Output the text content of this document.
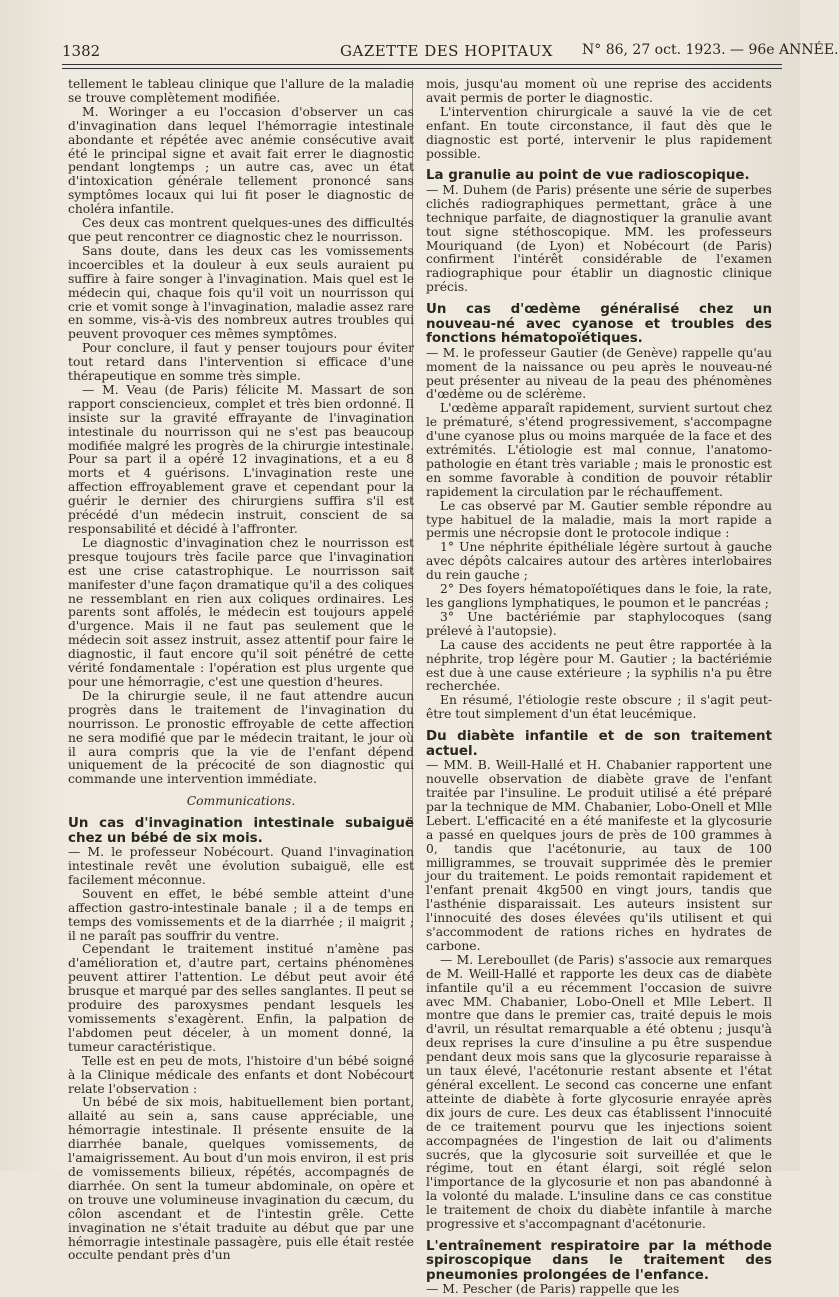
1382	GAZETTE DES HOPITAUX N° 86, 27 oct. 1923. — 96e ANNÉE.

tellement le tableau clinique que l'allure de la maladie se trouve complètement modifiée.

M. Woringer a eu l'occasion d'observer un cas d'invagination dans lequel l'hémorragie intestinale abondante et répétée avec anémie consécutive avait été le principal signe et avait fait errer le diagnostic pendant longtemps ; un autre cas, avec un état d'intoxication générale tellement prononcé sans symptômes locaux qui lui fit poser le diagnostic de choléra infantile.

Ces deux cas montrent quelques-unes des difficultés que peut rencontrer ce diagnostic chez le nourrisson.

Sans doute, dans les deux cas les vomissements incoercibles et la douleur à eux seuls auraient pu suffire à faire songer à l'invagination. Mais quel est le médecin qui, chaque fois qu'il voit un nourrisson qui crie et vomit songe à l'invagination, maladie assez rare en somme, vis-à-vis des nombreux autres troubles qui peuvent provoquer ces mêmes symptômes.

Pour conclure, il faut y penser toujours pour éviter tout retard dans l'intervention si efficace d'une thérapeutique en somme très simple.

— M. Veau (de Paris) félicite M. Massart de son rapport consciencieux, complet et très bien ordonné. Il insiste sur la gravité effrayante de l'invagination intestinale du nourrisson qui ne s'est pas beaucoup modifiée malgré les progrès de la chirurgie intestinale. Pour sa part il a opéré 12 invaginations, et a eu 8 morts et 4 guérisons. L'invagination reste une affection effroyablement grave et cependant pour la guérir le dernier des chirurgiens suffira s'il est précédé d'un médecin instruit, conscient de sa responsabilité et décidé à l'affronter.

Le diagnostic d'invagination chez le nourrisson est presque toujours très facile parce que l'invagination est une crise catastrophique. Le nourrisson sait manifester d'une façon dramatique qu'il a des coliques ne ressemblant en rien aux coliques ordinaires. Les parents sont affolés, le médecin est toujours appelé d'urgence. Mais il ne faut pas seulement que le médecin soit assez instruit, assez attentif pour faire le diagnostic, il faut encore qu'il soit pénétré de cette vérité fondamentale : l'opération est plus urgente que pour une hémorragie, c'est une question d'heures.

De la chirurgie seule, il ne faut attendre aucun progrès dans le traitement de l'invagination du nourrisson. Le pronostic effroyable de cette affection ne sera modifié que par le médecin traitant, le jour où il aura compris que la vie de l'enfant dépend uniquement de la précocité de son diagnostic qui commande une intervention immédiate.

Communications.

Un cas d'invagination intestinale subaiguë chez un bébé de six mois.

— M. le professeur Nobécourt. Quand l'invagination intestinale revêt une évolution subaiguë, elle est facilement méconnue.

Souvent en effet, le bébé semble atteint d'une affection gastro-intestinale banale ; il a de temps en temps des vomissements et de la diarrhée ; il maigrit ; il ne paraît pas souffrir du ventre.

Cependant le traitement institué n'amène pas d'amélioration et, d'autre part, certains phénomènes peuvent attirer l'attention. Le début peut avoir été brusque et marqué par des selles sanglantes. Il peut se produire des paroxysmes pendant lesquels les vomissements s'exagèrent. Enfin, la palpation de l'abdomen peut déceler, à un moment donné, la tumeur caractéristique.

Telle est en peu de mots, l'histoire d'un bébé soigné à la Clinique médicale des enfants et dont Nobécourt relate l'observation :

Un bébé de six mois, habituellement bien portant, allaité au sein a, sans cause appréciable, une hémorragie intestinale. Il présente ensuite de la diarrhée banale, quelques vomissements, de l'amaigrissement. Au bout d'un mois environ, il est pris de vomissements bilieux, répétés, accompagnés de diarrhée. On sent la tumeur abdominale, on opère et on trouve une volumineuse invagination du cæcum, du côlon ascendant et de l'intestin grêle. Cette invagination ne s'était traduite au début que par une hémorragie intestinale passagère, puis elle était restée occulte pendant près d'un

mois, jusqu'au moment où une reprise des accidents avait permis de porter le diagnostic.

L'intervention chirurgicale a sauvé la vie de cet enfant. En toute circonstance, il faut dès que le diagnostic est porté, intervenir le plus rapidement possible.

La granulie au point de vue radioscopique.

— M. Duhem (de Paris) présente une série de superbes clichés radiographiques permettant, grâce à une technique parfaite, de diagnostiquer la granulie avant tout signe stéthoscopique. MM. les professeurs Mouriquand (de Lyon) et Nobécourt (de Paris) confirment l'intérêt considérable de l'examen radiographique pour établir un diagnostic clinique précis.

Un cas d'œdème généralisé chez un nouveau-né avec cyanose et troubles des fonctions hématopoïétiques.

— M. le professeur Gautier (de Genève) rappelle qu'au moment de la naissance ou peu après le nouveau-né peut présenter au niveau de la peau des phénomènes d'œdème ou de sclérème.

L'œdème apparaît rapidement, survient surtout chez le prématuré, s'étend progressivement, s'accompagne d'une cyanose plus ou moins marquée de la face et des extrémités. L'étiologie est mal connue, l'anatomo-pathologie en étant très variable ; mais le pronostic est en somme favorable à condition de pouvoir rétablir rapidement la circulation par le réchauffement.

Le cas observé par M. Gautier semble répondre au type habituel de la maladie, mais la mort rapide a permis une nécropsie dont le protocole indique :

1° Une néphrite épithéliale légère surtout à gauche avec dépôts calcaires autour des artères interlobaires du rein gauche ;

2° Des foyers hématopoïétiques dans le foie, la rate, les ganglions lymphatiques, le poumon et le pancréas ;

3° Une bactériémie par staphylocoques (sang prélevé à l'autopsie).

La cause des accidents ne peut être rapportée à la néphrite, trop légère pour M. Gautier ; la bactériémie est due à une cause extérieure ; la syphilis n'a pu être recherchée.

En résumé, l'étiologie reste obscure ; il s'agit peut-être tout simplement d'un état leucémique.

Du diabète infantile et de son traitement actuel.

— MM. B. Weill-Hallé et H. Chabanier rapportent une nouvelle observation de diabète grave de l'enfant traitée par l'insuline. Le produit utilisé a été préparé par la technique de MM. Chabanier, Lobo-Onell et Mlle Lebert. L'efficacité en a été manifeste et la glycosurie a passé en quelques jours de près de 100 grammes à 0, tandis que l'acétonurie, au taux de 100 milligrammes, se trouvait supprimée dès le premier jour du traitement. Le poids remontait rapidement et l'enfant prenait 4kg500 en vingt jours, tandis que l'asthénie disparaissait. Les auteurs insistent sur l'innocuité des doses élevées qu'ils utilisent et qui s'accommodent de rations riches en hydrates de carbone.

— M. Lereboullet (de Paris) s'associe aux remarques de M. Weill-Hallé et rapporte les deux cas de diabète infantile qu'il a eu récemment l'occasion de suivre avec MM. Chabanier, Lobo-Onell et Mlle Lebert. Il montre que dans le premier cas, traité depuis le mois d'avril, un résultat remarquable a été obtenu ; jusqu'à deux reprises la cure d'insuline a pu être suspendue pendant deux mois sans que la glycosurie reparaisse à un taux élevé, l'acétonurie restant absente et l'état général excellent. Le second cas concerne une enfant atteinte de diabète à forte glycosurie enrayée après dix jours de cure. Les deux cas établissent l'innocuité de ce traitement pourvu que les injections soient accompagnées de l'ingestion de lait ou d'aliments sucrés, que la glycosurie soit surveillée et que le régime, tout en étant élargi, soit réglé selon l'importance de la glycosurie et non pas abandonné à la volonté du malade. L'insuline dans ce cas constitue le traitement de choix du diabète infantile à marche progressive et s'accompagnant d'acétonurie.

L'entraînement respiratoire par la méthode spiroscopique dans le traitement des pneumonies prolongées de l'enfance.

— M. Pescher (de Paris) rappelle que les
